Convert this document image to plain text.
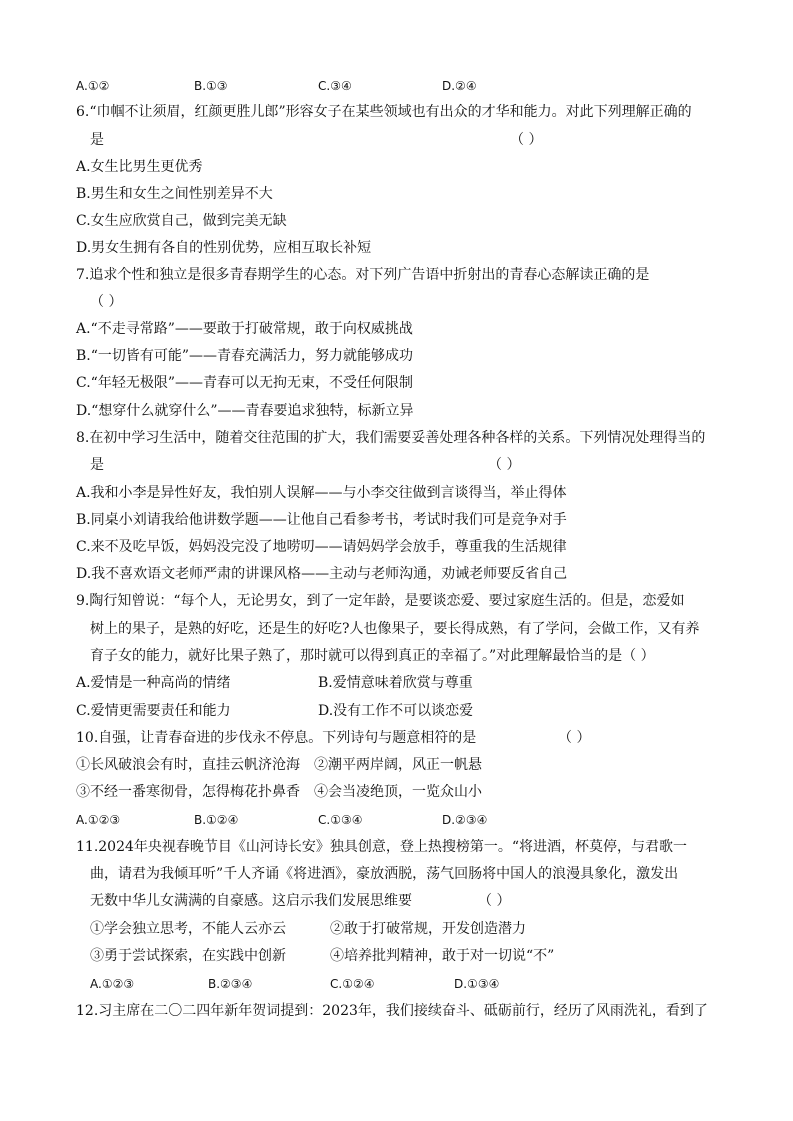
A.①②	B.①③	C.③④	D.②④
6.“巾帼不让须眉，红颜更胜儿郎”形容女子在某些领域也有出众的才华和能力。对此下列理解正确的
是	（ ）
A.女生比男生更优秀
B.男生和女生之间性别差异不大
C.女生应欣赏自己，做到完美无缺
D.男女生拥有各自的性别优势，应相互取长补短
7.追求个性和独立是很多青春期学生的心态。对下列广告语中折射出的青春心态解读正确的是
（ ）
A.“不走寻常路”——要敢于打破常规，敢于向权威挑战
B.“一切皆有可能”——青春充满活力，努力就能够成功
C.“年轻无极限”——青春可以无拘无束，不受任何限制
D.“想穿什么就穿什么”——青春要追求独特，标新立异
8.在初中学习生活中，随着交往范围的扩大，我们需要妥善处理各种各样的关系。下列情况处理得当的
是	（ ）
A.我和小李是异性好友，我怕别人误解——与小李交往做到言谈得当，举止得体
B.同桌小刘请我给他讲数学题——让他自己看参考书，考试时我们可是竞争对手
C.来不及吃早饭，妈妈没完没了地唠叨——请妈妈学会放手，尊重我的生活规律
D.我不喜欢语文老师严肃的讲课风格——主动与老师沟通，劝诫老师要反省自己
9.陶行知曾说：“每个人，无论男女，到了一定年龄，是要谈恋爱、要过家庭生活的。但是，恋爱如
树上的果子，是熟的好吃，还是生的好吃?人也像果子，要长得成熟，有了学问，会做工作，又有养
育子女的能力，就好比果子熟了，那时就可以得到真正的幸福了。”对此理解最恰当的是（ ）
A.爱情是一种高尚的情绪	B.爱情意味着欣赏与尊重
C.爱情更需要责任和能力	D.没有工作不可以谈恋爱
10.自强，让青春奋进的步伐永不停息。下列诗句与题意相符的是	（ ）
①长风破浪会有时，直挂云帆济沧海 ②潮平两岸阔，风正一帆悬
③不经一番寒彻骨，怎得梅花扑鼻香 ④会当凌绝顶，一览众山小
A.①②③	B.①②④	C.①③④	D.②③④
11.2024年央视春晚节目《山河诗长安》独具创意，登上热搜榜第一。“将进酒，杯莫停，与君歌一
曲，请君为我倾耳听”千人齐诵《将进酒》，豪放洒脱，荡气回肠将中国人的浪漫具象化，激发出
无数中华儿女满满的自豪感。这启示我们发展思维要	（ ）
①学会独立思考，不能人云亦云	②敢于打破常规，开发创造潜力
③勇于尝试探索，在实践中创新	④培养批判精神，敢于对一切说“不”
A.①②③	B.②③④	C.①②④	D.①③④
12.习主席在二〇二四年新年贺词提到：2023年，我们接续奋斗、砥砺前行，经历了风雨洗礼，看到了
